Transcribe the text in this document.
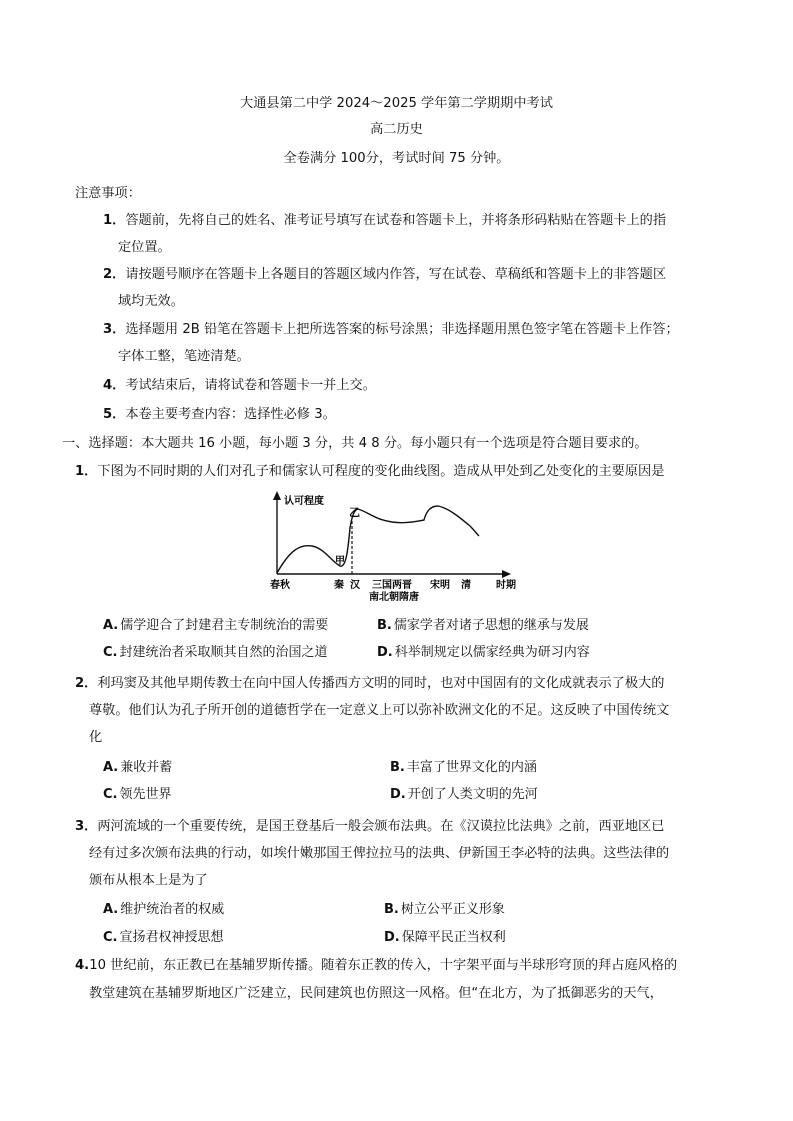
大通县第二中学 2024～2025 学年第二学期期中考试
高二历史
全卷满分 100分，考试时间 75 分钟。
注意事项：
1．答题前，先将自己的姓名、准考证号填写在试卷和答题卡上，并将条形码粘贴在答题卡上的指
定位置。
2．请按题号顺序在答题卡上各题目的答题区域内作答，写在试卷、草稿纸和答题卡上的非答题区
域均无效。
3．选择题用 2B 铅笔在答题卡上把所选答案的标号涂黑；非选择题用黑色签字笔在答题卡上作答；
字体工整，笔迹清楚。
4．考试结束后，请将试卷和答题卡一并上交。
5．本卷主要考查内容：选择性必修 3。
一、选择题：本大题共 16 小题，每小题 3 分，共 4 8 分。每小题只有一个选项是符合题目要求的。
1．下图为不同时期的人们对孔子和儒家认可程度的变化曲线图。造成从甲处到乙处变化的主要原因是
认可程度
时期
甲
乙
春秋	秦 汉 三国两晋
南北朝隋唐
宋明 清
A. 儒学迎合了封建君主专制统治的需要	B. 儒家学者对诸子思想的继承与发展
C. 封建统治者采取顺其自然的治国之道	D. 科举制规定以儒家经典为研习内容
2．利玛窦及其他早期传教士在向中国人传播西方文明的同时，也对中国固有的文化成就表示了极大的
尊敬。他们认为孔子所开创的道德哲学在一定意义上可以弥补欧洲文化的不足。这反映了中国传统文
化
A. 兼收并蓄	B. 丰富了世界文化的内涵
C. 领先世界	D. 开创了人类文明的先河
3．两河流域的一个重要传统，是国王登基后一般会颁布法典。在《汉谟拉比法典》之前，西亚地区已
经有过多次颁布法典的行动，如埃什嫩那国王俾拉拉马的法典、伊新国王李必特的法典。这些法律的
颁布从根本上是为了
A. 维护统治者的权威	B. 树立公平正义形象
C. 宣扬君权神授思想	D. 保障平民正当权利
4.10 世纪前，东正教已在基辅罗斯传播。随着东正教的传入，十字架平面与半球形穹顶的拜占庭风格的
教堂建筑在基辅罗斯地区广泛建立，民间建筑也仿照这一风格。但“在北方，为了抵御恶劣的天气，
